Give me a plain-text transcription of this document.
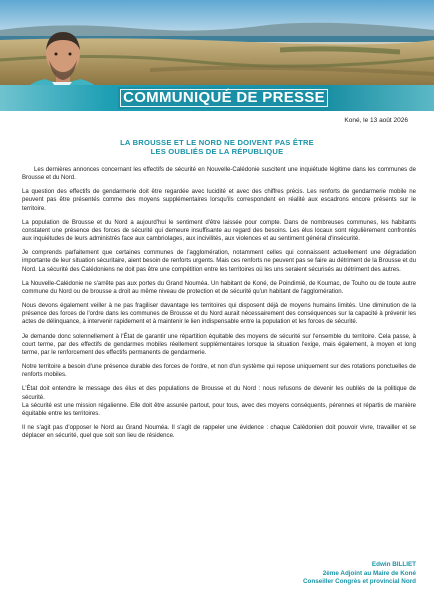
COMMUNIQUÉ DE PRESSE
Koné, le 13 août 2026
LA BROUSSE ET LE NORD NE DOIVENT PAS ÊTRE
LES OUBLIÉS DE LA RÉPUBLIQUE

Les dernières annonces concernant les effectifs de sécurité en Nouvelle-Calédonie suscitent une inquiétude légitime dans les communes de Brousse et du Nord.

La question des effectifs de gendarmerie doit être regardée avec lucidité et avec des chiffres précis. Les renforts de gendarmerie mobile ne peuvent pas être présentés comme des moyens supplémentaires lorsqu'ils correspondent en réalité aux escadrons encore présents sur le territoire.

La population de Brousse et du Nord a aujourd'hui le sentiment d'être laissée pour compte. Dans de nombreuses communes, les habitants constatent une présence des forces de sécurité qui demeure insuffisante au regard des besoins. Les élus locaux sont régulièrement confrontés aux inquiétudes de leurs administrés face aux cambriolages, aux incivilités, aux violences et au sentiment général d'insécurité.

Je comprends parfaitement que certaines communes de l'agglomération, notamment celles qui connaissent actuellement une dégradation importante de leur situation sécuritaire, aient besoin de renforts urgents. Mais ces renforts ne peuvent pas se faire au détriment de la Brousse et du Nord. La sécurité des Calédoniens ne doit pas être une compétition entre les territoires où les uns seraient sécurisés au détriment des autres.

La Nouvelle-Calédonie ne s'arrête pas aux portes du Grand Nouméa. Un habitant de Koné, de Poindimié, de Koumac, de Touho ou de toute autre commune du Nord ou de brousse a droit au même niveau de protection et de sécurité qu'un habitant de l'agglomération.

Nous devons également veiller à ne pas fragiliser davantage les territoires qui disposent déjà de moyens humains limités. Une diminution de la présence des forces de l'ordre dans les communes de Brousse et du Nord aurait nécessairement des conséquences sur la capacité à prévenir les actes de délinquance, à intervenir rapidement et à maintenir le lien indispensable entre la population et les forces de sécurité.

Je demande donc solennellement à l'État de garantir une répartition équitable des moyens de sécurité sur l'ensemble du territoire. Cela passe, à court terme, par des effectifs de gendarmes mobiles réellement supplémentaires lorsque la situation l'exige, mais également, à moyen et long terme, par le renforcement des effectifs permanents de gendarmerie.

Notre territoire a besoin d'une présence durable des forces de l'ordre, et non d'un système qui repose uniquement sur des rotations ponctuelles de renforts mobiles.

L'État doit entendre le message des élus et des populations de Brousse et du Nord : nous refusons de devenir les oubliés de la politique de sécurité.

La sécurité est une mission régalienne. Elle doit être assurée partout, pour tous, avec des moyens conséquents, pérennes et répartis de manière équitable entre les territoires.

Il ne s'agit pas d'opposer le Nord au Grand Nouméa. Il s'agit de rappeler une évidence : chaque Calédonien doit pouvoir vivre, travailler et se déplacer en sécurité, quel que soit son lieu de résidence.

Edwin BILLIET
2ème Adjoint au Maire de Koné
Conseiller Congrès et provincial Nord
